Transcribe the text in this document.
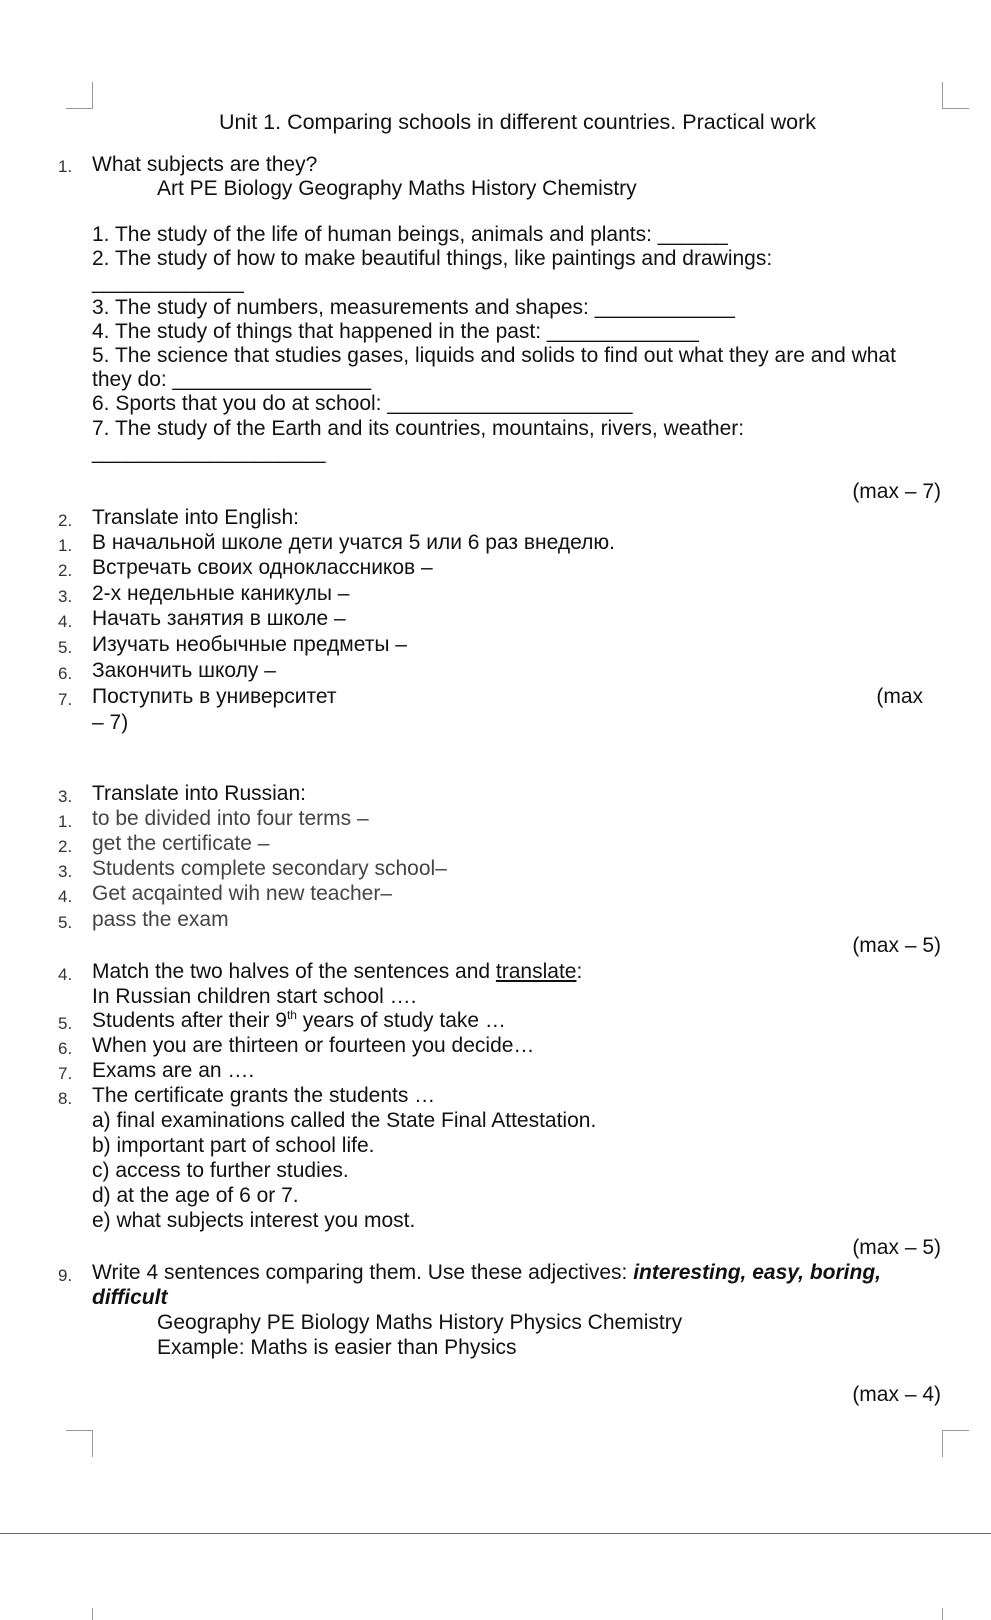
Unit 1. Comparing schools in different countries. Practical work
1. What subjects are they?
Art PE Biology Geography Maths History Chemistry
1. The study of the life of human beings, animals and plants: ______
2. The study of how to make beautiful things, like paintings and drawings:
_____________
3. The study of numbers, measurements and shapes: ____________
4. The study of things that happened in the past: _____________
5. The science that studies gases, liquids and solids to find out what they are and what
they do: _________________
6. Sports that you do at school: _____________________
7. The study of the Earth and its countries, mountains, rivers, weather:
____________________
(max – 7)
2. Translate into English:
1. В начальной школе дети учатся 5 или 6 раз внеделю.
2. Встречать своих одноклассников –
3. 2-х недельные каникулы –
4. Начать занятия в школе –
5. Изучать необычные предметы –
6. Закончить школу –
7. Поступить в университет	(max
– 7)
3. Translate into Russian:
1. to be divided into four terms –
2. get the certificate –
3. Students complete secondary school–
4. Get acqainted wih new teacher–
5. pass the exam
(max – 5)
4. Match the two halves of the sentences and translate:
In Russian children start school ….
5. Students after their 9th years of study take …
6. When you are thirteen or fourteen you decide…
7. Exams are an ….
8. The certificate grants the students …
a) final examinations called the State Final Attestation.
b) important part of school life.
c) access to further studies.
d) at the age of 6 or 7.
e) what subjects interest you most.
(max – 5)
9. Write 4 sentences comparing them. Use these adjectives: interesting, easy, boring,
difficult
Geography PE Biology Maths History Physics Chemistry
Example: Maths is easier than Physics
(max – 4)
